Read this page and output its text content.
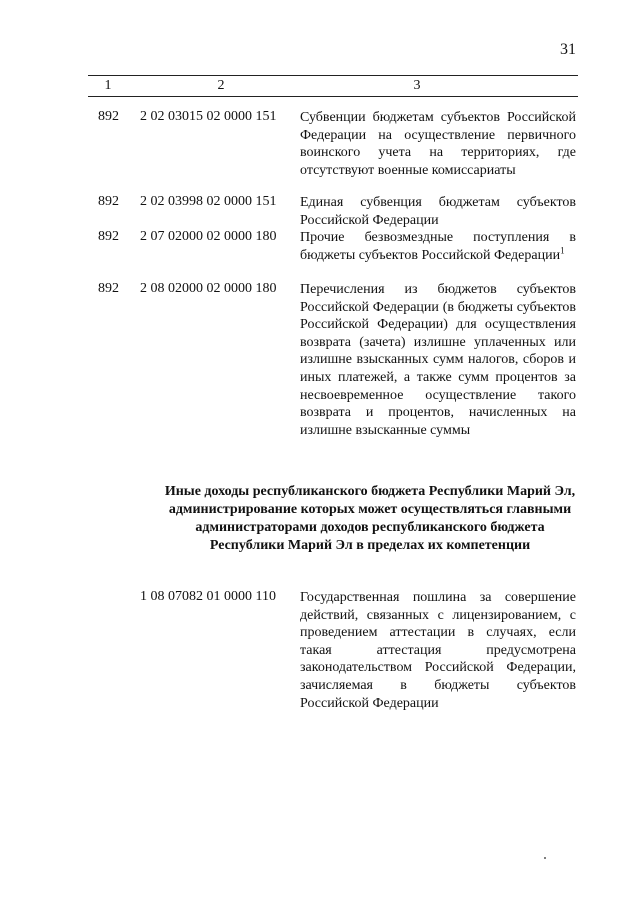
31
1	2	3
892 2 02 03015 02 0000 151 Субвенции бюджетам субъектов Российской Федерации на осуществление первичного воинского учета на территориях, где отсутствуют военные комиссариаты
892 2 02 03998 02 0000 151 Единая субвенция бюджетам субъектов Российской Федерации
892 2 07 02000 02 0000 180 Прочие безвозмездные поступления в бюджеты субъектов Российской Федерации$^1$
892 2 08 02000 02 0000 180 Перечисления из бюджетов субъектов Российской Федерации (в бюджеты субъектов Российской Федерации) для осуществления возврата (зачета) излишне уплаченных или излишне взысканных сумм налогов, сборов и иных платежей, а также сумм процентов за несвоевременное осуществление такого возврата и процентов, начисленных на излишне взысканные суммы
Иные доходы республиканского бюджета Республики Марий Эл, администрирование которых может осуществляться главными администраторами доходов республиканского бюджета Республики Марий Эл в пределах их компетенции
1 08 07082 01 0000 110 Государственная пошлина за совершение действий, связанных с лицензированием, с проведением аттестации в случаях, если такая аттестация предусмотрена законодательством Российской Федерации, зачисляемая в бюджеты субъектов Российской Федерации
